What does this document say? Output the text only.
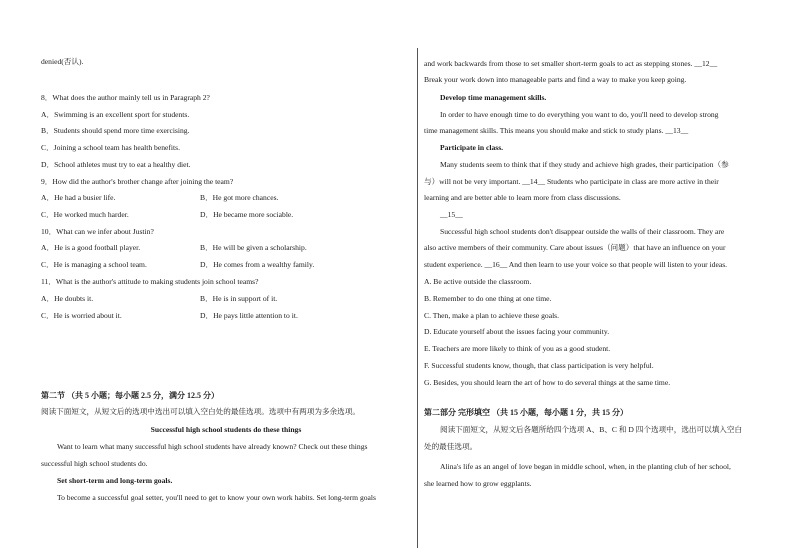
denied(否认).
8．What does the author mainly tell us in Paragraph 2?
A．Swimming is an excellent sport for students.
B．Students should spend more time exercising.
C．Joining a school team has health benefits.
D．School athletes must try to eat a healthy diet.
9．How did the author's brother change after joining the team?
A．He had a busier life.	B．He got more chances.
C．He worked much harder.	D．He became more sociable.
10．What can we infer about Justin?
A．He is a good football player.	B．He will be given a scholarship.
C．He is managing a school team.	D．He comes from a wealthy family.
11．What is the author's attitude to making students join school teams?
A．He doubts it.	B．He is in support of it.
C．He is worried about it.	D．He pays little attention to it.
第二节 （共 5 小题；每小题 2.5 分，满分 12.5 分）
阅读下面短文，从短文后的选项中选出可以填入空白处的最佳选项。选项中有两项为多余选项。
Successful high school students do these things
Want to learn what many successful high school students have already known? Check out these things
successful high school students do.
Set short-term and long-term goals.
To become a successful goal setter, you'll need to get to know your own work habits. Set long-term goals
and work backwards from those to set smaller short-term goals to act as stepping stones. __12__
Break your work down into manageable parts and find a way to make you keep going.
Develop time management skills.
In order to have enough time to do everything you want to do, you'll need to develop strong
time management skills. This means you should make and stick to study plans. __13__
Participate in class.
Many students seem to think that if they study and achieve high grades, their participation（参
与）will not be very important. __14__ Students who participate in class are more active in their
learning and are better able to learn more from class discussions.
__15__
Successful high school students don't disappear outside the walls of their classroom. They are
also active members of their community. Care about issues（问题）that have an influence on your
student experience. __16__ And then learn to use your voice so that people will listen to your ideas.
A. Be active outside the classroom.
B. Remember to do one thing at one time.
C. Then, make a plan to achieve these goals.
D. Educate yourself about the issues facing your community.
E. Teachers are more likely to think of you as a good student.
F. Successful students know, though, that class participation is very helpful.
G. Besides, you should learn the art of how to do several things at the same time.
第二部分 完形填空 （共 15 小题，每小题 1 分，共 15 分）
阅读下面短文，从短文后各题所给四个选项 A、B、C 和 D 四个选项中，选出可以填入空白
处的最佳选项。
Alina's life as an angel of love began in middle school, when, in the planting club of her school,
she learned how to grow eggplants.
